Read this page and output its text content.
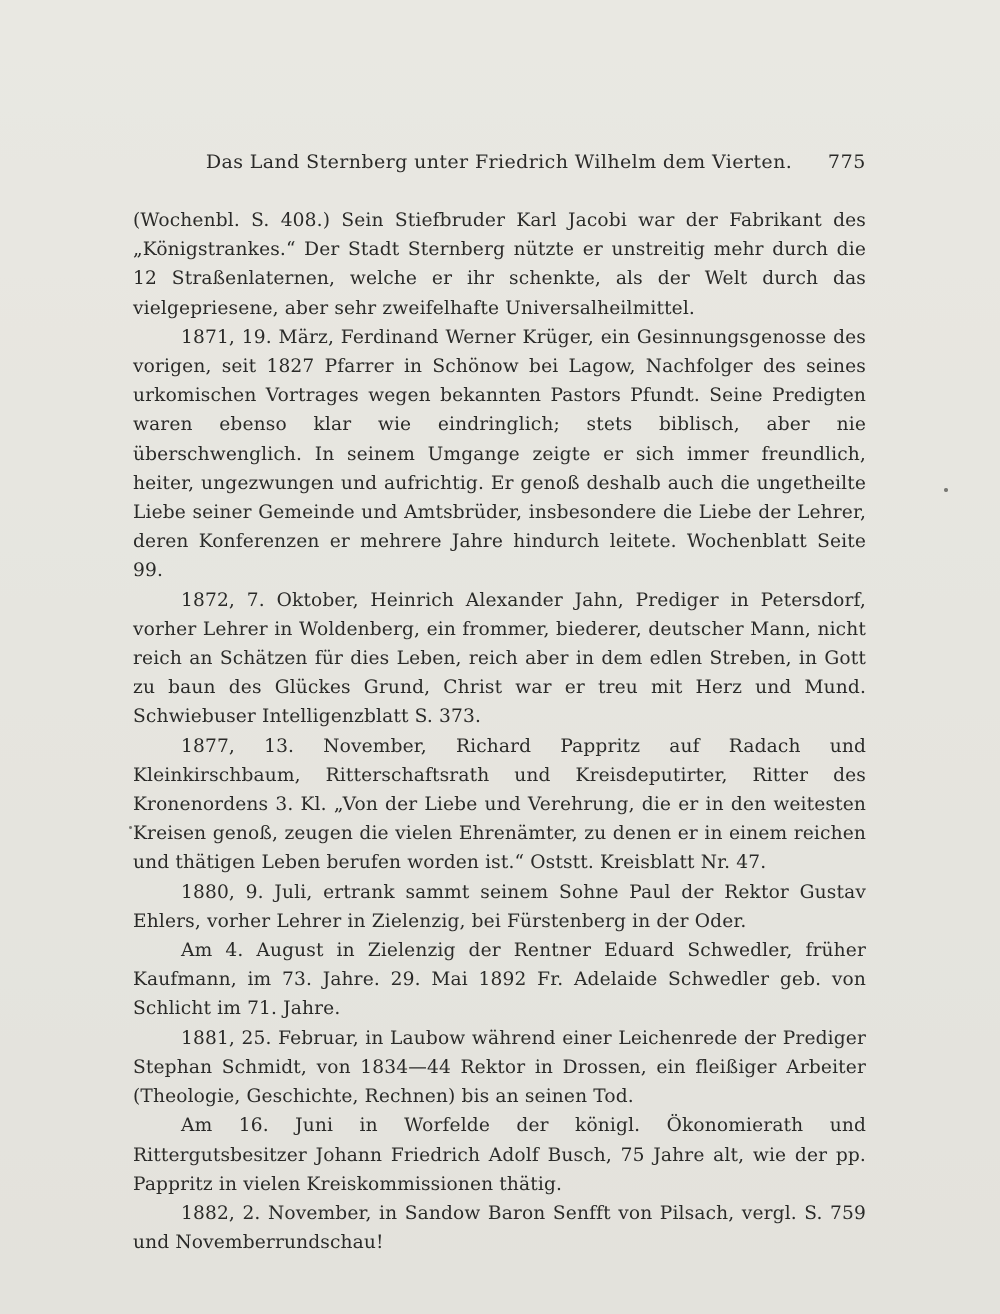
Das Land Sternberg unter Friedrich Wilhelm dem Vierten.	775

(Wochenbl. S. 408.) Sein Stiefbruder Karl Jacobi war der Fabrikant des „Königstrankes.“ Der Stadt Sternberg nützte er unstreitig mehr durch die 12 Straßenlaternen, welche er ihr schenkte, als der Welt durch das vielgepriesene, aber sehr zweifelhafte Universalheilmittel.

1871, 19. März, Ferdinand Werner Krüger, ein Gesinnungsgenosse des vorigen, seit 1827 Pfarrer in Schönow bei Lagow, Nachfolger des seines urkomischen Vortrages wegen bekannten Pastors Pfundt. Seine Predigten waren ebenso klar wie eindringlich; stets biblisch, aber nie überschwenglich. In seinem Umgange zeigte er sich immer freundlich, heiter, ungezwungen und aufrichtig. Er genoß deshalb auch die ungetheilte Liebe seiner Gemeinde und Amtsbrüder, insbesondere die Liebe der Lehrer, deren Konferenzen er mehrere Jahre hindurch leitete. Wochenblatt Seite 99.

1872, 7. Oktober, Heinrich Alexander Jahn, Prediger in Petersdorf, vorher Lehrer in Woldenberg, ein frommer, biederer, deutscher Mann, nicht reich an Schätzen für dies Leben, reich aber in dem edlen Streben, in Gott zu baun des Glückes Grund, Christ war er treu mit Herz und Mund. Schwiebuser Intelligenzblatt S. 373.

1877, 13. November, Richard Pappritz auf Radach und Kleinkirschbaum, Ritterschaftsrath und Kreisdeputirter, Ritter des Kronenordens 3. Kl. „Von der Liebe und Verehrung, die er in den weitesten Kreisen genoß, zeugen die vielen Ehrenämter, zu denen er in einem reichen und thätigen Leben berufen worden ist.“ Oststt. Kreisblatt Nr. 47.

1880, 9. Juli, ertrank sammt seinem Sohne Paul der Rektor Gustav Ehlers, vorher Lehrer in Zielenzig, bei Fürstenberg in der Oder.

Am 4. August in Zielenzig der Rentner Eduard Schwedler, früher Kaufmann, im 73. Jahre. 29. Mai 1892 Fr. Adelaide Schwedler geb. von Schlicht im 71. Jahre.

1881, 25. Februar, in Laubow während einer Leichenrede der Prediger Stephan Schmidt, von 1834—44 Rektor in Drossen, ein fleißiger Arbeiter (Theologie, Geschichte, Rechnen) bis an seinen Tod.

Am 16. Juni in Worfelde der königl. Ökonomierath und Rittergutsbesitzer Johann Friedrich Adolf Busch, 75 Jahre alt, wie der pp. Pappritz in vielen Kreiskommissionen thätig.

1882, 2. November, in Sandow Baron Senfft von Pilsach, vergl. S. 759 und Novemberrundschau!
